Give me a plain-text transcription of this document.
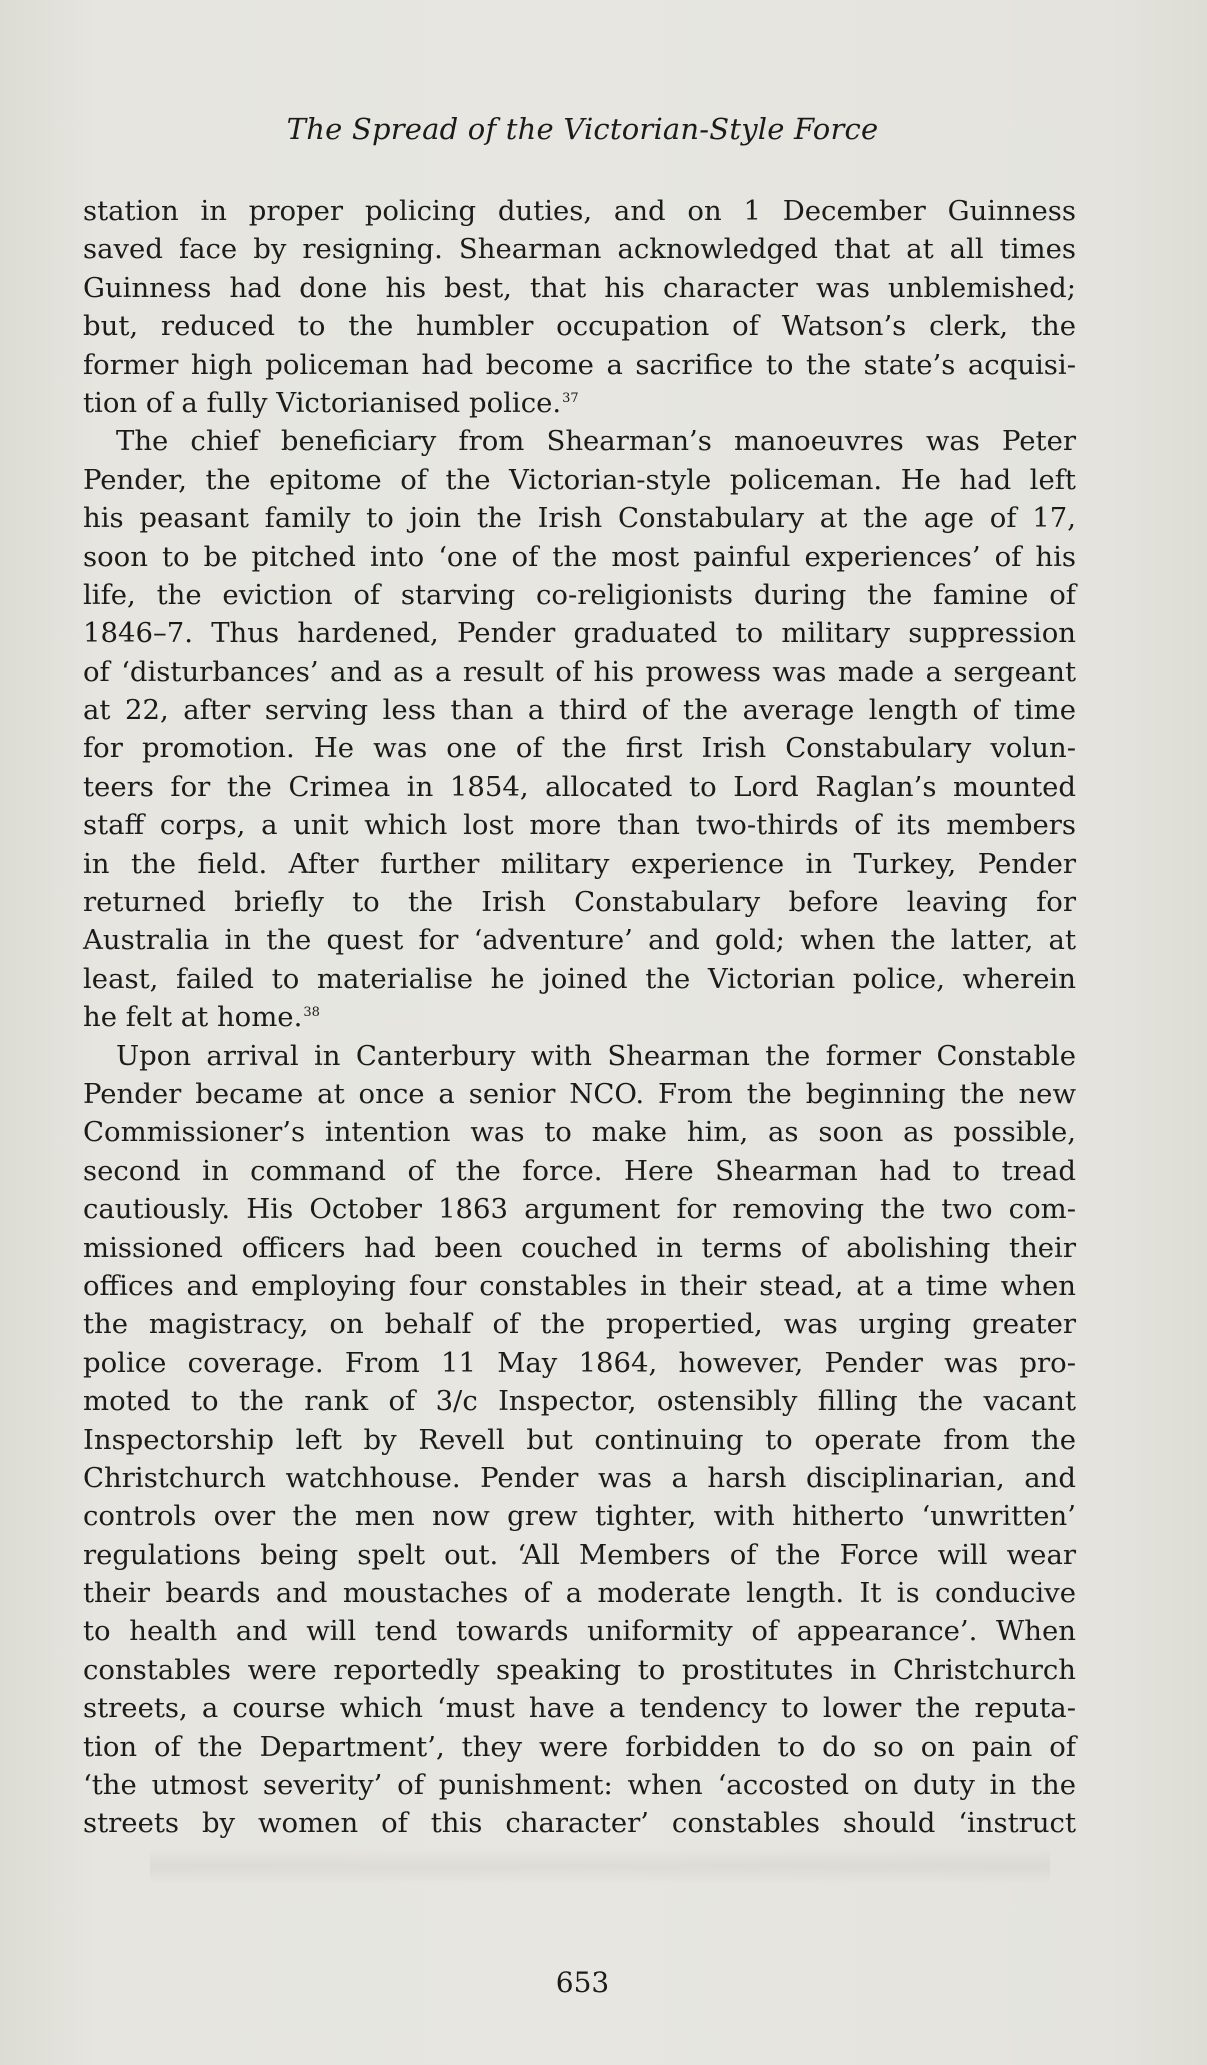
The Spread of the Victorian-Style Force
station in proper policing duties, and on 1 December Guinness
saved face by resigning. Shearman acknowledged that at all times
Guinness had done his best, that his character was unblemished;
but, reduced to the humbler occupation of Watson’s clerk, the
former high policeman had become a sacrifice to the state’s acquisi-
tion of a fully Victorianised police.$^{37}$
The chief beneficiary from Shearman’s manoeuvres was Peter
Pender, the epitome of the Victorian-style policeman. He had left
his peasant family to join the Irish Constabulary at the age of 17,
soon to be pitched into ‘one of the most painful experiences’ of his
life, the eviction of starving co-religionists during the famine of
1846–7. Thus hardened, Pender graduated to military suppression
of ‘disturbances’ and as a result of his prowess was made a sergeant
at 22, after serving less than a third of the average length of time
for promotion. He was one of the first Irish Constabulary volun-
teers for the Crimea in 1854, allocated to Lord Raglan’s mounted
staff corps, a unit which lost more than two-thirds of its members
in the field. After further military experience in Turkey, Pender
returned briefly to the Irish Constabulary before leaving for
Australia in the quest for ‘adventure’ and gold; when the latter, at
least, failed to materialise he joined the Victorian police, wherein
he felt at home.$^{38}$
Upon arrival in Canterbury with Shearman the former Constable
Pender became at once a senior NCO. From the beginning the new
Commissioner’s intention was to make him, as soon as possible,
second in command of the force. Here Shearman had to tread
cautiously. His October 1863 argument for removing the two com-
missioned officers had been couched in terms of abolishing their
offices and employing four constables in their stead, at a time when
the magistracy, on behalf of the propertied, was urging greater
police coverage. From 11 May 1864, however, Pender was pro-
moted to the rank of 3/c Inspector, ostensibly filling the vacant
Inspectorship left by Revell but continuing to operate from the
Christchurch watchhouse. Pender was a harsh disciplinarian, and
controls over the men now grew tighter, with hitherto ‘unwritten’
regulations being spelt out. ‘All Members of the Force will wear
their beards and moustaches of a moderate length. It is conducive
to health and will tend towards uniformity of appearance’. When
constables were reportedly speaking to prostitutes in Christchurch
streets, a course which ‘must have a tendency to lower the reputa-
tion of the Department’, they were forbidden to do so on pain of
‘the utmost severity’ of punishment: when ‘accosted on duty in the
streets by women of this character’ constables should ‘instruct
653
